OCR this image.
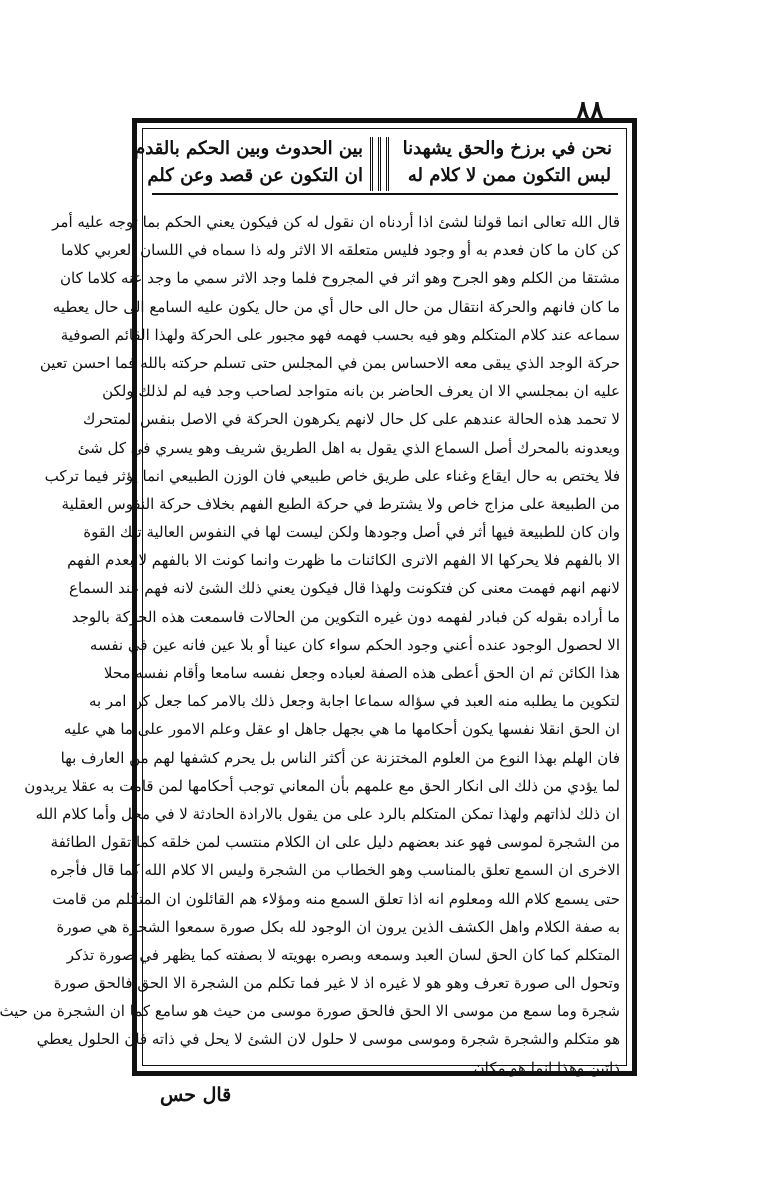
٨٨
نحن في برزخ والحق يشهدنا
لبس التكون ممن لا كلام له
بين الحدوث وبين الحكم بالقدم
ان التكون عن قصد وعن كلم
قال الله تعالى انما قولنا لشئ اذا أردناه ان نقول له كن فيكون يعني الحكم بما توجه عليه أمر
كن كان ما كان فعدم به أو وجود فليس متعلقه الا الاثر وله ذا سماه في اللسان العربي كلاما
مشتقا من الكلم وهو الجرح وهو اثر في المجروح فلما وجد الاثر سمي ما وجد عنه كلاما كان
ما كان فانهم والحركة انتقال من حال الى حال أي من حال يكون عليه السامع الى حال يعطيه
سماعه عند كلام المتكلم وهو فيه بحسب فهمه فهو مجبور على الحركة ولهذا القائم الصوفية
حركة الوجد الذي يبقى معه الاحساس بمن في المجلس حتى تسلم حركته بالله فما احسن تعين
عليه ان بمجلسي الا ان يعرف الحاضر بن بانه متواجد لصاحب وجد فيه لم لذلك ولكن
لا تحمد هذه الحالة عندهم على كل حال لانهم يكرهون الحركة في الاصل بنفس المتحرك
ويعدونه بالمحرك أصل السماع الذي يقول به اهل الطريق شريف وهو يسري في كل شئ
فلا يختص به حال ايقاع وغناء على طريق خاص طبيعي فان الوزن الطبيعي انما يؤثر فيما تركب
من الطبيعة على مزاج خاص ولا يشترط في حركة الطبع الفهم بخلاف حركة النفوس العقلية
وان كان للطبيعة فيها أثر في أصل وجودها ولكن ليست لها في النفوس العالية تلك القوة
الا بالفهم فلا يحركها الا الفهم الاترى الكائنات ما ظهرت وانما كونت الا بالفهم لا بعدم الفهم
لانهم انهم فهمت معنى كن فتكونت ولهذا قال فيكون يعني ذلك الشئ لانه فهم عند السماع
ما أراده بقوله كن فبادر لفهمه دون غيره التكوين من الحالات فاسمعت هذه الحركة بالوجد
الا لحصول الوجود عنده أعني وجود الحكم سواء كان عينا أو بلا عين فانه عين في نفسه
هذا الكائن ثم ان الحق أعطى هذه الصفة لعباده وجعل نفسه سامعا وأقام نفسه محلا
لتكوين ما يطلبه منه العبد في سؤاله سماعا اجابة وجعل ذلك بالامر كما جعل كن امر به
ان الحق انقلا نفسها يكون أحكامها ما هي بجهل جاهل او عقل وعلم الامور على ما هي عليه
فان الهلم بهذا النوع من العلوم المختزنة عن أكثر الناس بل يحرم كشفها لهم من العارف بها
لما يؤدي من ذلك الى انكار الحق مع علمهم بأن المعاني توجب أحكامها لمن قامت به عقلا يريدون
ان ذلك لذاتهم ولهذا تمكن المتكلم بالرد على من يقول بالارادة الحادثة لا في محل وأما كلام الله
من الشجرة لموسى فهو عند بعضهم دليل على ان الكلام منتسب لمن خلقه كما تقول الطائفة
الاخرى ان السمع تعلق بالمناسب وهو الخطاب من الشجرة وليس الا كلام الله كما قال فأجره
حتى يسمع كلام الله ومعلوم انه اذا تعلق السمع منه ومؤلاء هم القائلون ان المتكلم من قامت
به صفة الكلام واهل الكشف الذين يرون ان الوجود لله بكل صورة سمعوا الشجرة هي صورة
المتكلم كما كان الحق لسان العبد وسمعه وبصره بهويته لا بصفته كما يظهر في صورة تذكر
وتحول الى صورة تعرف وهو هو لا غيره اذ لا غير فما تكلم من الشجرة الا الحق فالحق صورة
شجرة وما سمع من موسى الا الحق فالحق صورة موسى من حيث هو سامع كما ان الشجرة من حيث
هو متكلم والشجرة شجرة وموسى موسى لا حلول لان الشئ لا يحل في ذاته فان الحلول يعطي
ذاتين وهذا انما هو مكان
قال حس
